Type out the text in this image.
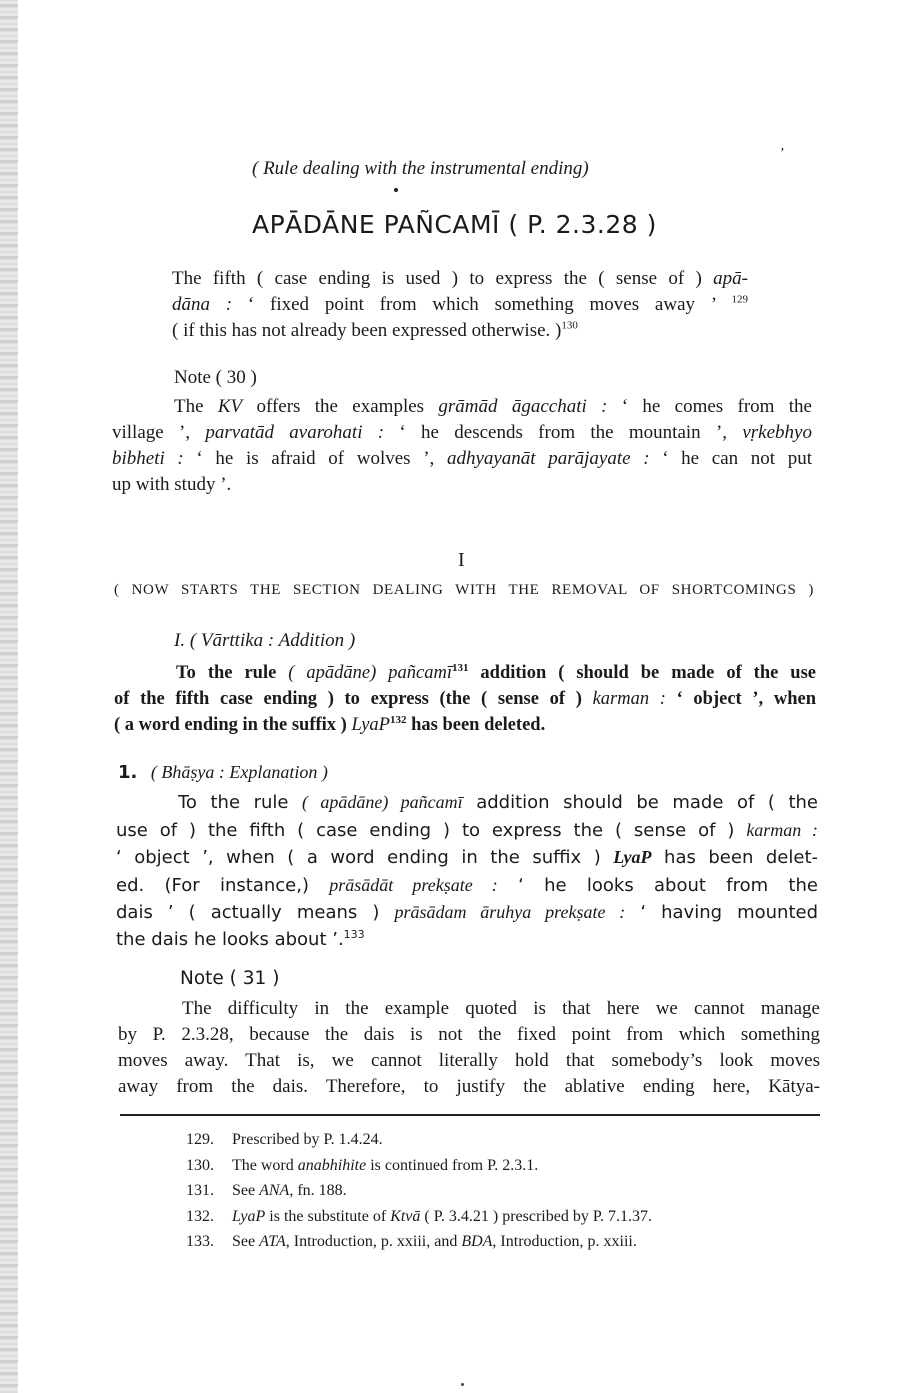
ʼ
( Rule dealing with the instrumental ending)
APĀDĀNE PAÑCAMĪ ( P. 2.3.28 )
The fifth ( case ending is used ) to express the ( sense of ) apā-
dāna : ‘ fixed point from which something moves away ’ $^{129}$
( if this has not already been expressed otherwise. )$^{130}$
Note ( 30 )
The KV offers the examples grāmād āgacchati : ‘ he comes from the
village ’, parvatād avarohati : ‘ he descends from the mountain ’, vṛkebhyo
bibheti : ‘ he is afraid of wolves ’, adhyayanāt parājayate : ‘ he can not put
up with study ’.
I
( NOW STARTS THE SECTION DEALING WITH THE REMOVAL OF SHORTCOMINGS )
I. ( Vārttika : Addition )
To the rule ( apādāne) pañcamī$^{131}$ addition ( should be made of the use
of the fifth case ending ) to express (the ( sense of ) karman : ‘ object ’, when
( a word ending in the suffix ) LyaP$^{132}$ has been deleted.
1. ( Bhāṣya : Explanation )
To the rule ( apādāne) pañcamī addition should be made of ( the
use of ) the fifth ( case ending ) to express the ( sense of ) karman :
‘ object ’, when ( a word ending in the suffix ) LyaP has been delet-
ed. (For instance,) prāsādāt prekṣate : ‘ he looks about from the
dais ’ ( actually means ) prāsādam āruhya prekṣate : ‘ having mounted
the dais he looks about ’.$^{133}$
Note ( 31 )
The difficulty in the example quoted is that here we cannot manage
by P. 2.3.28, because the dais is not the fixed point from which something
moves away. That is, we cannot literally hold that somebody’s look moves
away from the dais. Therefore, to justify the ablative ending here, Kātya-
129. Prescribed by P. 1.4.24.
130. The word anabhihite is continued from P. 2.3.1.
131. See ANA, fn. 188.
132. LyaP is the substitute of Ktvā ( P. 3.4.21 ) prescribed by P. 7.1.37.
133. See ATA, Introduction, p. xxiii, and BDA, Introduction, p. xxiii.
